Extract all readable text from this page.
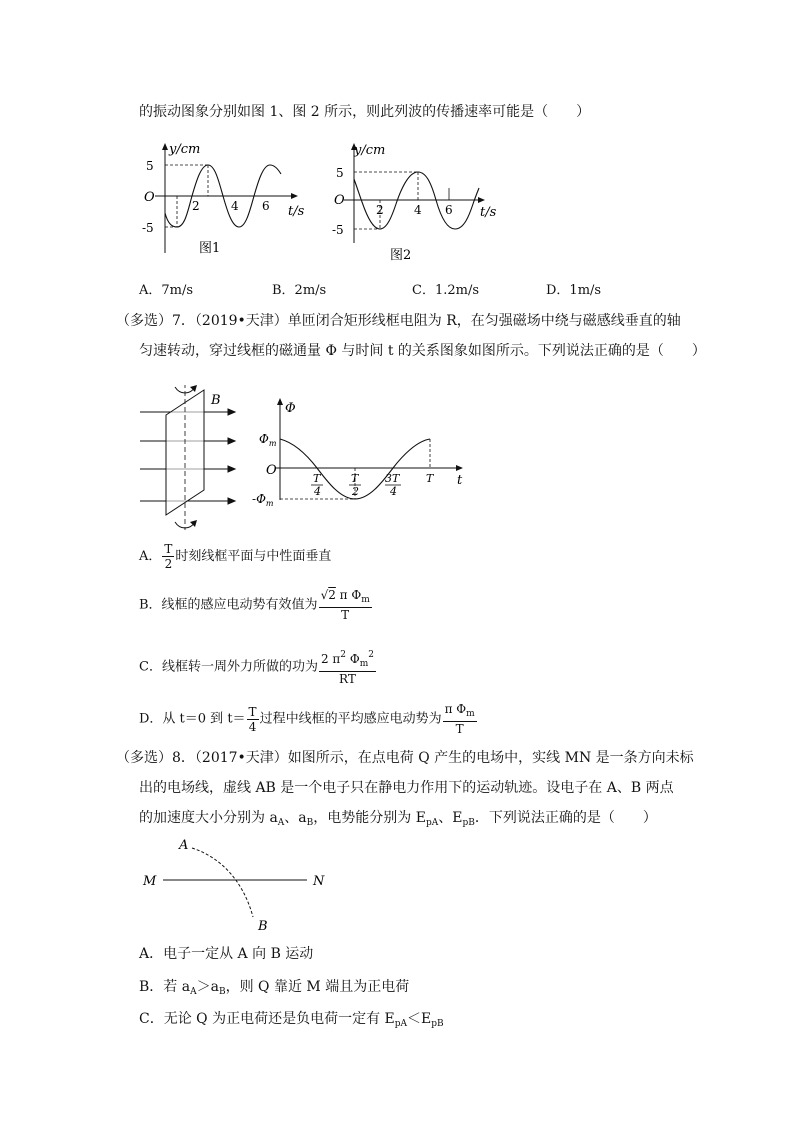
的振动图象分别如图 1、图 2 所示，则此列波的传播速率可能是（　　）
y/cm
O
5
-5
2	4 6 t/s
图1
y/cm
O
5
-5
2	4 6 t/s
图2
A．7m/s	B．2m/s	C．1.2m/s	D．1m/s
（多选）7．（2019•天津）单匝闭合矩形线框电阻为 R，在匀强磁场中绕与磁感线垂直的轴
匀速转动，穿过线框的磁通量 Φ 与时间 t 的关系图象如图所示。下列说法正确的是（　　）
B
Φ
$\Phi_m$
O
$-\Phi_m$
T
4
T
2
3T
4
T t
A． $\frac{T}{2}$ 时刻线框平面与中性面垂直
B．线框的感应电动势有效值为 $\frac{√2 \pi \Phi_m}{T}$
C．线框转一周外力所做的功为 $\frac{2 \pi^2 \Phi_m^2}{RT}$
D．从 t＝0 到 $t= \frac{T}{4}$ 过程中线框的平均感应电动势为 $\frac{\pi \Phi_m}{T}$
（多选）8．（2017•天津）如图所示，在点电荷 Q 产生的电场中，实线 MN 是一条方向未标
出的电场线，虚线 AB 是一个电子只在静电力作用下的运动轨迹。设电子在 A、B 两点
的加速度大小分别为 $a_A$、$a_B$，电势能分别为 $E_{pA}$、$E_{pB}$．下列说法正确的是（　　）
A
B
M	N
A．电子一定从 A 向 B 运动
B．若 $a_A>a_B$，则 Q 靠近 M 端且为正电荷
C．无论 Q 为正电荷还是负电荷一定有 $E_{pA}<E_{pB}$
